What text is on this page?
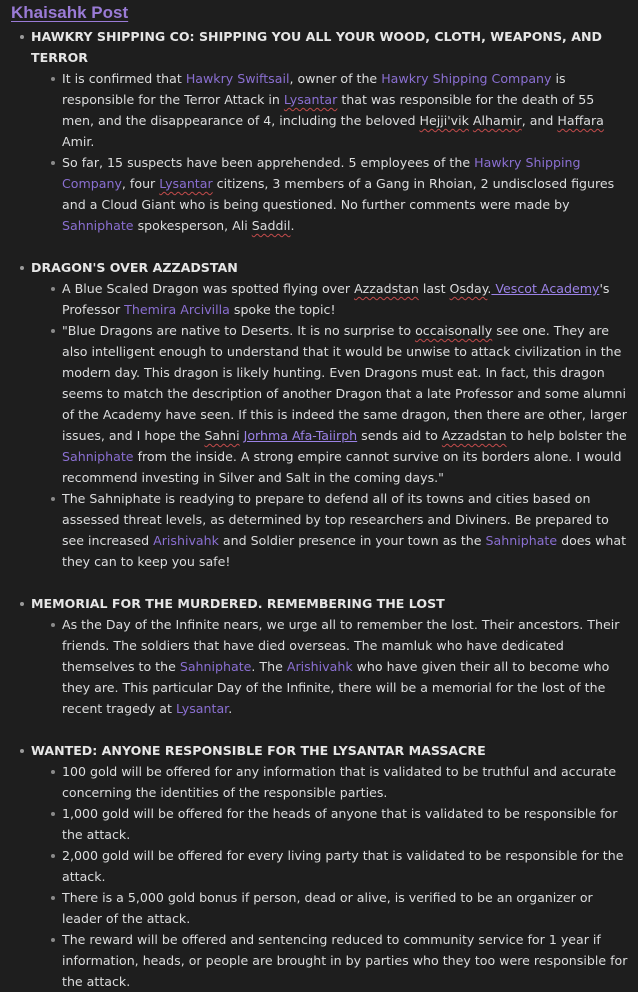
Khaisahk Post
HAWKRY SHIPPING CO: SHIPPING YOU ALL YOUR WOOD, CLOTH, WEAPONS, AND TERROR
It is confirmed that Hawkry Swiftsail, owner of the Hawkry Shipping Company is responsible for the Terror Attack in Lysantar that was responsible for the death of 55 men, and the disappearance of 4, including the beloved Hejji'vik Alhamir, and Haffara Amir.
So far, 15 suspects have been apprehended. 5 employees of the Hawkry Shipping Company, four Lysantar citizens, 3 members of a Gang in Rhoian, 2 undisclosed figures and a Cloud Giant who is being questioned. No further comments were made by Sahniphate spokesperson, Ali Saddil.
DRAGON'S OVER AZZADSTAN
A Blue Scaled Dragon was spotted flying over Azzadstan last Osday. Vescot Academy's Professor Themira Arcivilla spoke the topic!
"Blue Dragons are native to Deserts. It is no surprise to occaisonally see one. They are also intelligent enough to understand that it would be unwise to attack civilization in the modern day. This dragon is likely hunting. Even Dragons must eat. In fact, this dragon seems to match the description of another Dragon that a late Professor and some alumni of the Academy have seen. If this is indeed the same dragon, then there are other, larger issues, and I hope the Sahni Jorhma Afa-Taiirph sends aid to Azzadstan to help bolster the Sahniphate from the inside. A strong empire cannot survive on its borders alone. I would recommend investing in Silver and Salt in the coming days."
The Sahniphate is readying to prepare to defend all of its towns and cities based on assessed threat levels, as determined by top researchers and Diviners. Be prepared to see increased Arishivahk and Soldier presence in your town as the Sahniphate does what they can to keep you safe!
MEMORIAL FOR THE MURDERED. REMEMBERING THE LOST
As the Day of the Infinite nears, we urge all to remember the lost. Their ancestors. Their friends. The soldiers that have died overseas. The mamluk who have dedicated themselves to the Sahniphate. The Arishivahk who have given their all to become who they are. This particular Day of the Infinite, there will be a memorial for the lost of the recent tragedy at Lysantar.
WANTED: ANYONE RESPONSIBLE FOR THE LYSANTAR MASSACRE
100 gold will be offered for any information that is validated to be truthful and accurate concerning the identities of the responsible parties.
1,000 gold will be offered for the heads of anyone that is validated to be responsible for the attack.
2,000 gold will be offered for every living party that is validated to be responsible for the attack.
There is a 5,000 gold bonus if person, dead or alive, is verified to be an organizer or leader of the attack.
The reward will be offered and sentencing reduced to community service for 1 year if information, heads, or people are brought in by parties who they too were responsible for the attack.
